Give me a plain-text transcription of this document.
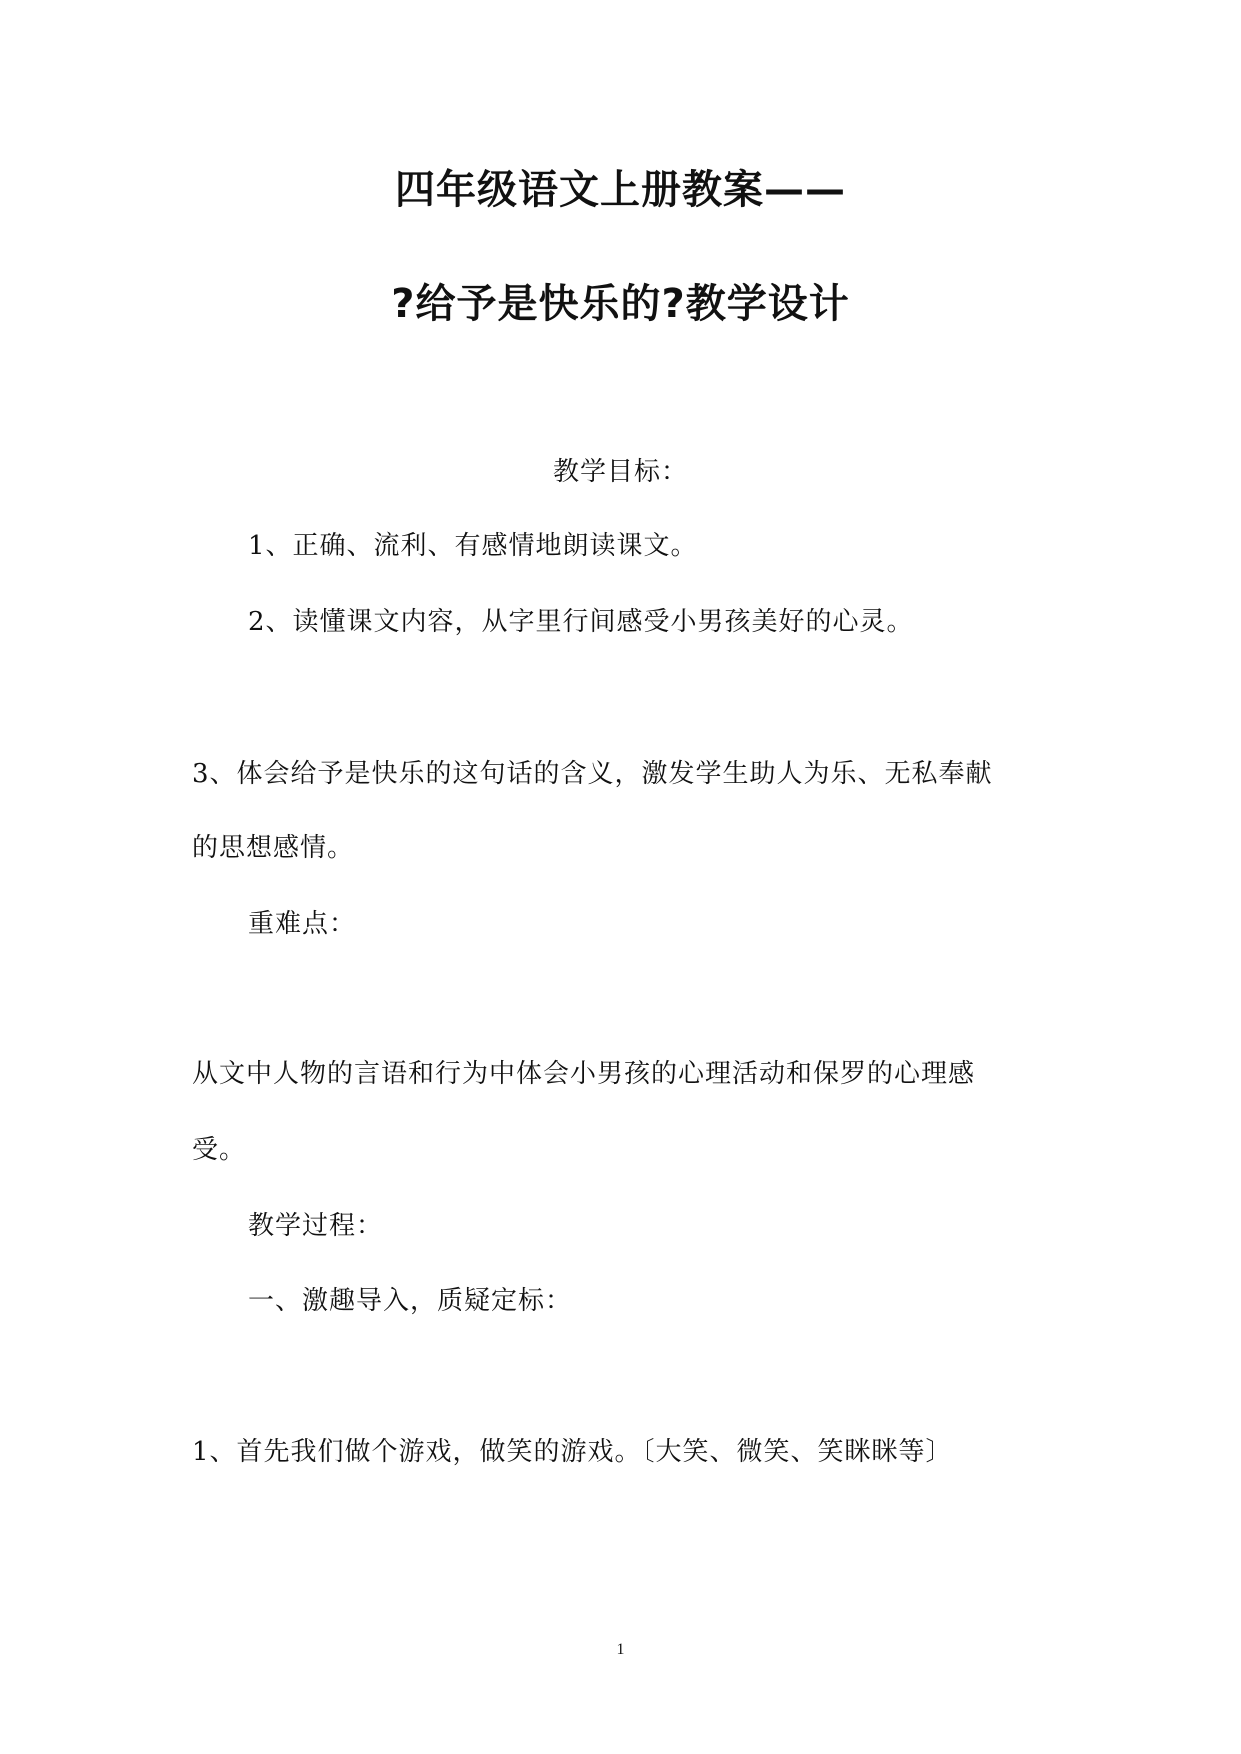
四年级语文上册教案——
?给予是快乐的?教学设计
教学目标：
1、正确、流利、有感情地朗读课文。
2、读懂课文内容，从字里行间感受小男孩美好的心灵。
3、体会给予是快乐的这句话的含义，激发学生助人为乐、无私奉献
的思想感情。
重难点：
从文中人物的言语和行为中体会小男孩的心理活动和保罗的心理感
受。
教学过程：
一、激趣导入，质疑定标：
1、首先我们做个游戏，做笑的游戏。〔大笑、微笑、笑眯眯等〕
1
